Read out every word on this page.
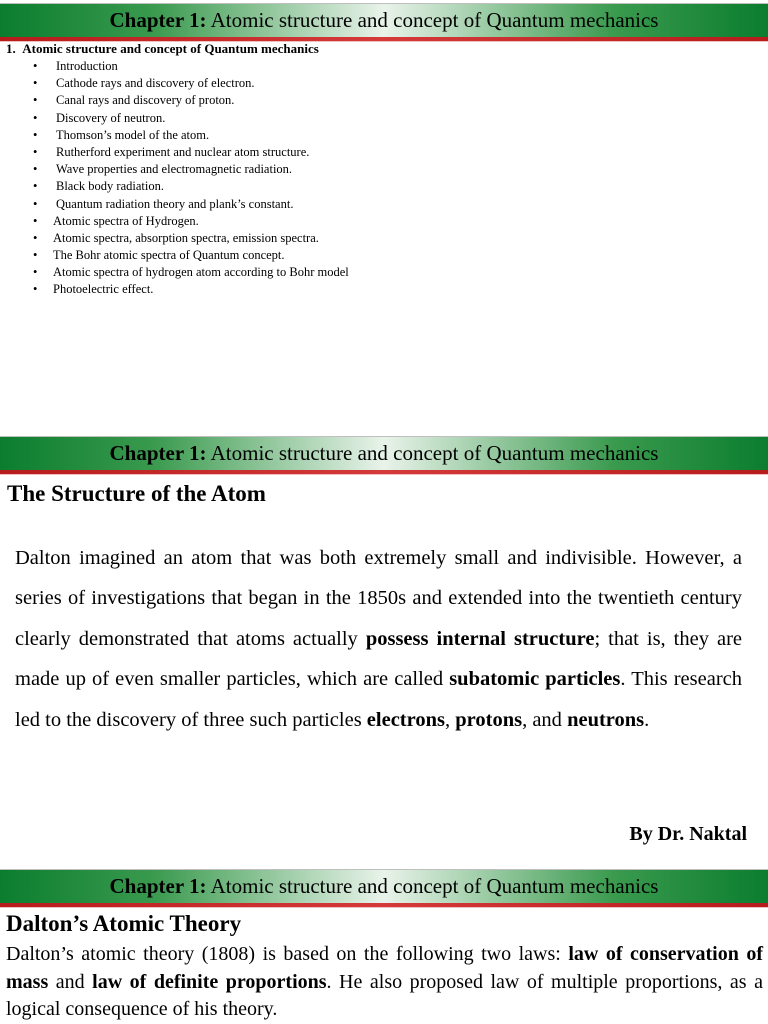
Chapter 1: Atomic structure and concept of Quantum mechanics
1.  Atomic structure and concept of Quantum mechanics
• Introduction
• Cathode rays and discovery of electron.
• Canal rays and discovery of proton.
• Discovery of neutron.
• Thomson’s model of the atom.
• Rutherford experiment and nuclear atom structure.
• Wave properties and electromagnetic radiation.
• Black body radiation.
• Quantum radiation theory and plank’s constant.
• Atomic spectra of Hydrogen.
• Atomic spectra, absorption spectra, emission spectra.
• The Bohr atomic spectra of Quantum concept.
• Atomic spectra of hydrogen atom according to Bohr model
• Photoelectric effect.
Chapter 1: Atomic structure and concept of Quantum mechanics
The Structure of the Atom

Dalton imagined an atom that was both extremely small and indivisible. However, a series of investigations that began in the 1850s and extended into the twentieth century clearly demonstrated that atoms actually possess internal structure; that is, they are made up of even smaller particles, which are called subatomic particles. This research led to the discovery of three such particles electrons, protons, and neutrons.

By Dr. Naktal

Chapter 1: Atomic structure and concept of Quantum mechanics
Dalton’s Atomic Theory

Dalton’s atomic theory (1808) is based on the following two laws: law of conservation of mass and law of definite proportions. He also proposed law of multiple proportions, as a logical consequence of his theory.
